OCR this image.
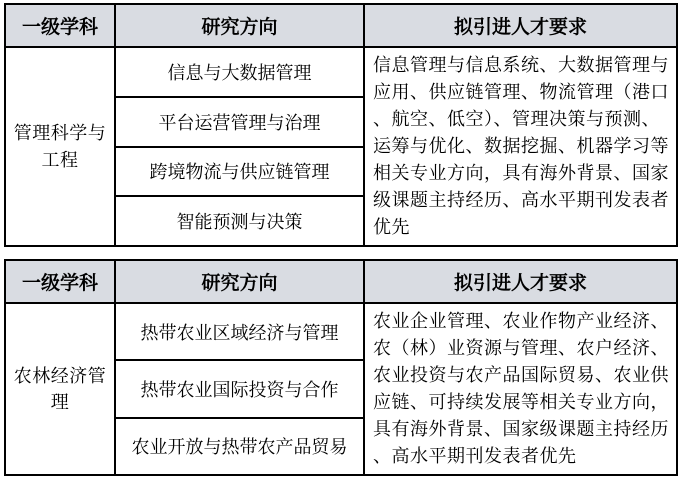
一级学科	研究方向	拟引进人才要求
管理科学与工程	信息与大数据管理	信息管理与信息系统、大数据管理与应用、供应链管理、物流管理（港口、航空、低空）、管理决策与预测、运筹与优化、数据挖掘、机器学习等相关专业方向，具有海外背景、国家级课题主持经历、高水平期刊发表者优先
	平台运营管理与治理	
	跨境物流与供应链管理	
	智能预测与决策	
一级学科	研究方向	拟引进人才要求
农林经济管理	热带农业区域经济与管理	农业企业管理、农业作物产业经济、农（林）业资源与管理、农户经济、农业投资与农产品国际贸易、农业供应链、可持续发展等相关专业方向，具有海外背景、国家级课题主持经历、高水平期刊发表者优先
	热带农业国际投资与合作	
	农业开放与热带农产品贸易	
